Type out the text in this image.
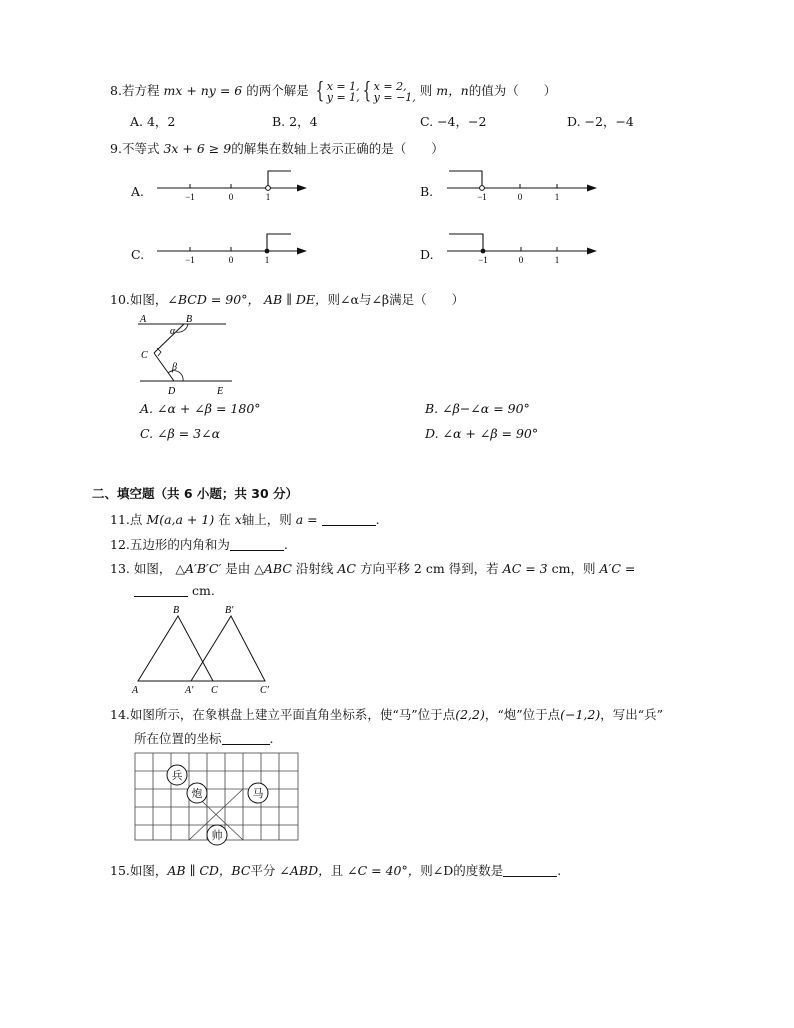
8.若方程 mx + ny = 6 的两个解是 { x = 1,
y = 1, { x = 2,
y = −1, 则 m，n的值为（　　）
A. 4，2	B. 2，4	C. −4，−2	D. −2，−4
9.不等式 3x + 6 ≥ 9的解集在数轴上表示正确的是（　　）
A.	−1	0	1	B.	−1	0	1
C.	−1	0	1	D.	−1	0	1
10.如图，∠BCD = 90°， AB ∥ DE，则∠α与∠β满足（　　）
A	B
C
D	E
α
β
A. ∠α + ∠β = 180°	B. ∠β−∠α = 90°
C. ∠β = 3∠α	D. ∠α + ∠β = 90°
二、填空题（共 6 小题；共 30 分）
11.点 M(a,a + 1) 在 x轴上，则 a =	.
12.五边形的内角和为	.
13. 如图， △A′B′C′ 是由 △ABC 沿射线 AC 方向平移 2 cm 得到，若 AC = 3 cm，则 A′C =
cm.
B	B′
A	A′ C	C′
14.如图所示，在象棋盘上建立平面直角坐标系，使“马”位于点(2,2)，“炮”位于点(−1,2)，写出“兵”
所在位置的坐标	.
兵
炮	马
帅
15.如图，AB ∥ CD，BC平分 ∠ABD，且 ∠C = 40°，则∠D的度数是	.
